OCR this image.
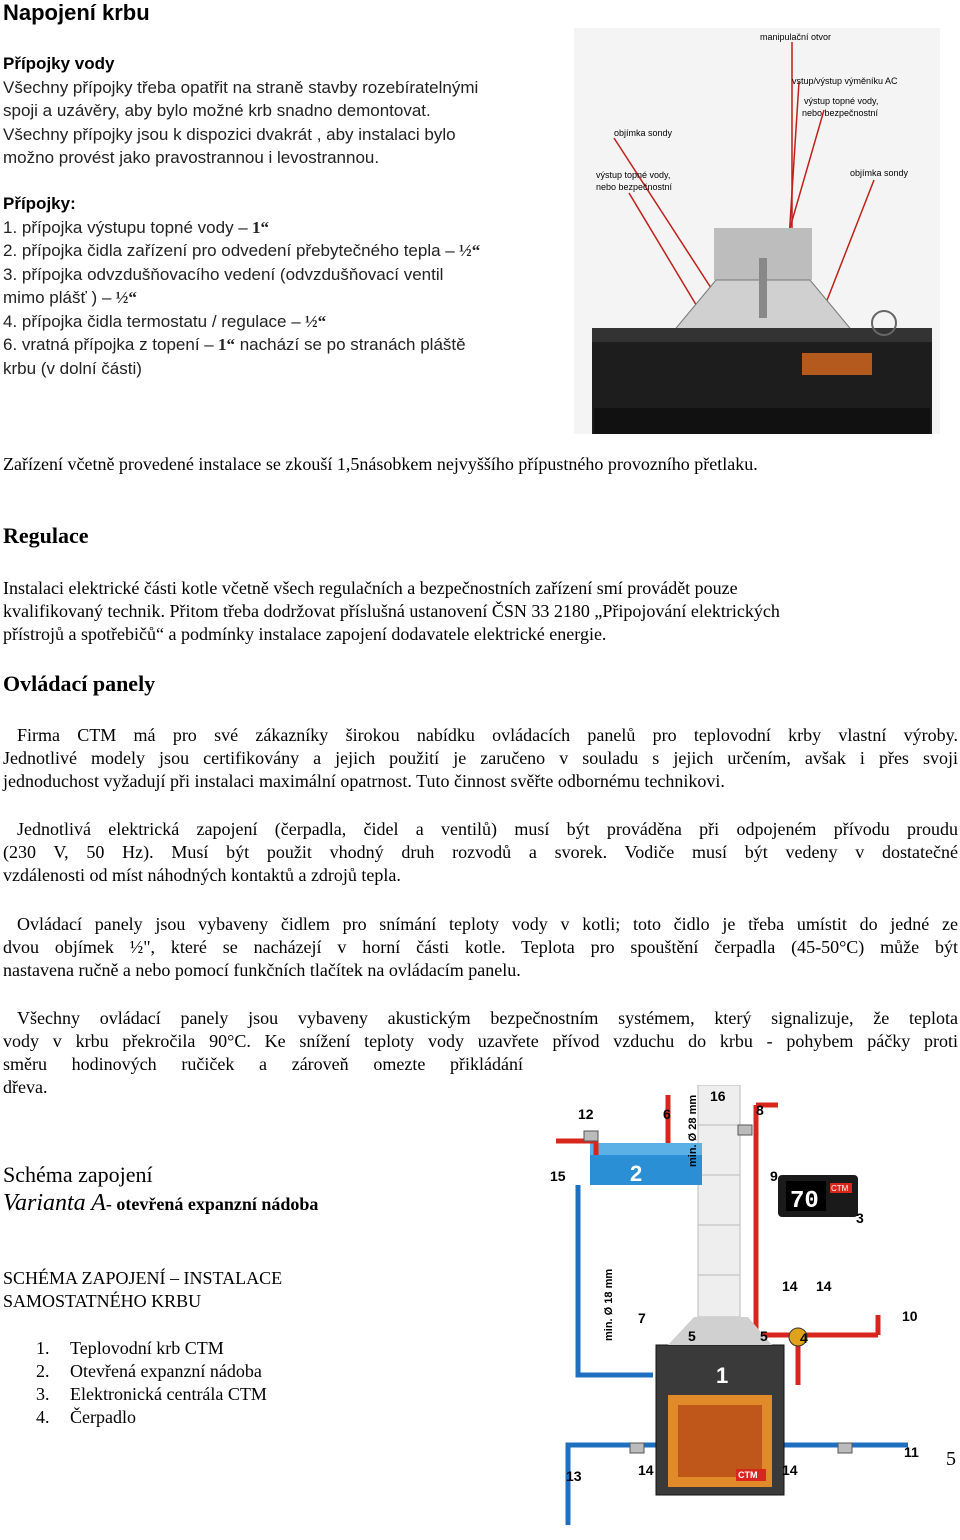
Napojení krbu
Přípojky vody
Všechny přípojky třeba opatřit na straně stavby rozebíratelnými
spoji a uzávěry, aby bylo možné krb snadno demontovat.
Všechny přípojky jsou k dispozici dvakrát , aby instalaci bylo
možno provést jako pravostrannou i levostrannou.
Přípojky:
1. přípojka výstupu topné vody – 1“
2. přípojka čidla zařízení pro odvedení přebytečného tepla – ½“
3. přípojka odvzdušňovacího vedení (odvzdušňovací ventil
mimo plášť ) – ½“
4. přípojka čidla termostatu / regulace – ½“
6. vratná přípojka z topení – 1“ nachází se po stranách pláště
krbu (v dolní části)
manipulační otvor
vstup/výstup výměníku AC
výstup topné vody,
nebo bezpečnostní
objímka sondy
výstup topné vody,
nebo bezpečnostní
objímka sondy
Zařízení včetně provedené instalace se zkouší 1,5násobkem nejvyššího přípustného provozního přetlaku.
Regulace
Instalaci elektrické části kotle včetně všech regulačních a bezpečnostních zařízení smí provádět pouze
kvalifikovaný technik. Přitom třeba dodržovat příslušná ustanovení ČSN 33 2180 „Připojování elektrických
přístrojů a spotřebičů“ a podmínky instalace zapojení dodavatele elektrické energie.
Ovládací panely
Firma CTM má pro své zákazníky širokou nabídku ovládacích panelů pro teplovodní krby vlastní výroby.
Jednotlivé modely jsou certifikovány a jejich použití je zaručeno v souladu s jejich určením, avšak i přes svoji
jednoduchost vyžadují při instalaci maximální opatrnost. Tuto činnost svěřte odbornému technikovi.
Jednotlivá elektrická zapojení (čerpadla, čidel a ventilů) musí být prováděna při odpojeném přívodu proudu
(230 V, 50 Hz). Musí být použit vhodný druh rozvodů a svorek. Vodiče musí být vedeny v dostatečné
vzdálenosti od míst náhodných kontaktů a zdrojů tepla.
Ovládací panely jsou vybaveny čidlem pro snímání teploty vody v kotli; toto čidlo je třeba umístit do jedné ze
dvou objímek ½", které se nacházejí v horní části kotle. Teplota pro spouštění čerpadla (45-50°C) může být
nastavena ručně a nebo pomocí funkčních tlačítek na ovládacím panelu.
Všechny ovládací panely jsou vybaveny akustickým bezpečnostním systémem, který signalizuje, že teplota
vody v krbu překročila 90°C. Ke snížení teploty vody uzavřete přívod vzduchu do krbu - pohybem páčky proti
směru hodinových ručiček a zároveň omezte přikládání
dřeva.
Schéma zapojení
Varianta A- otevřená expanzní nádoba
SCHÉMA ZAPOJENÍ – INSTALACE
SAMOSTATNÉHO KRBU
1. Teplovodní krb CTM
2. Otevřená expanzní nádoba
3. Elektronická centrála CTM
4. Čerpadlo
70 CTM
CTM
min. Ø 28 mm
min. Ø 18 mm
12	6
16
8
15	2	9
3
14 14
7
5	5 4
10
1
11
13	14	14	5
